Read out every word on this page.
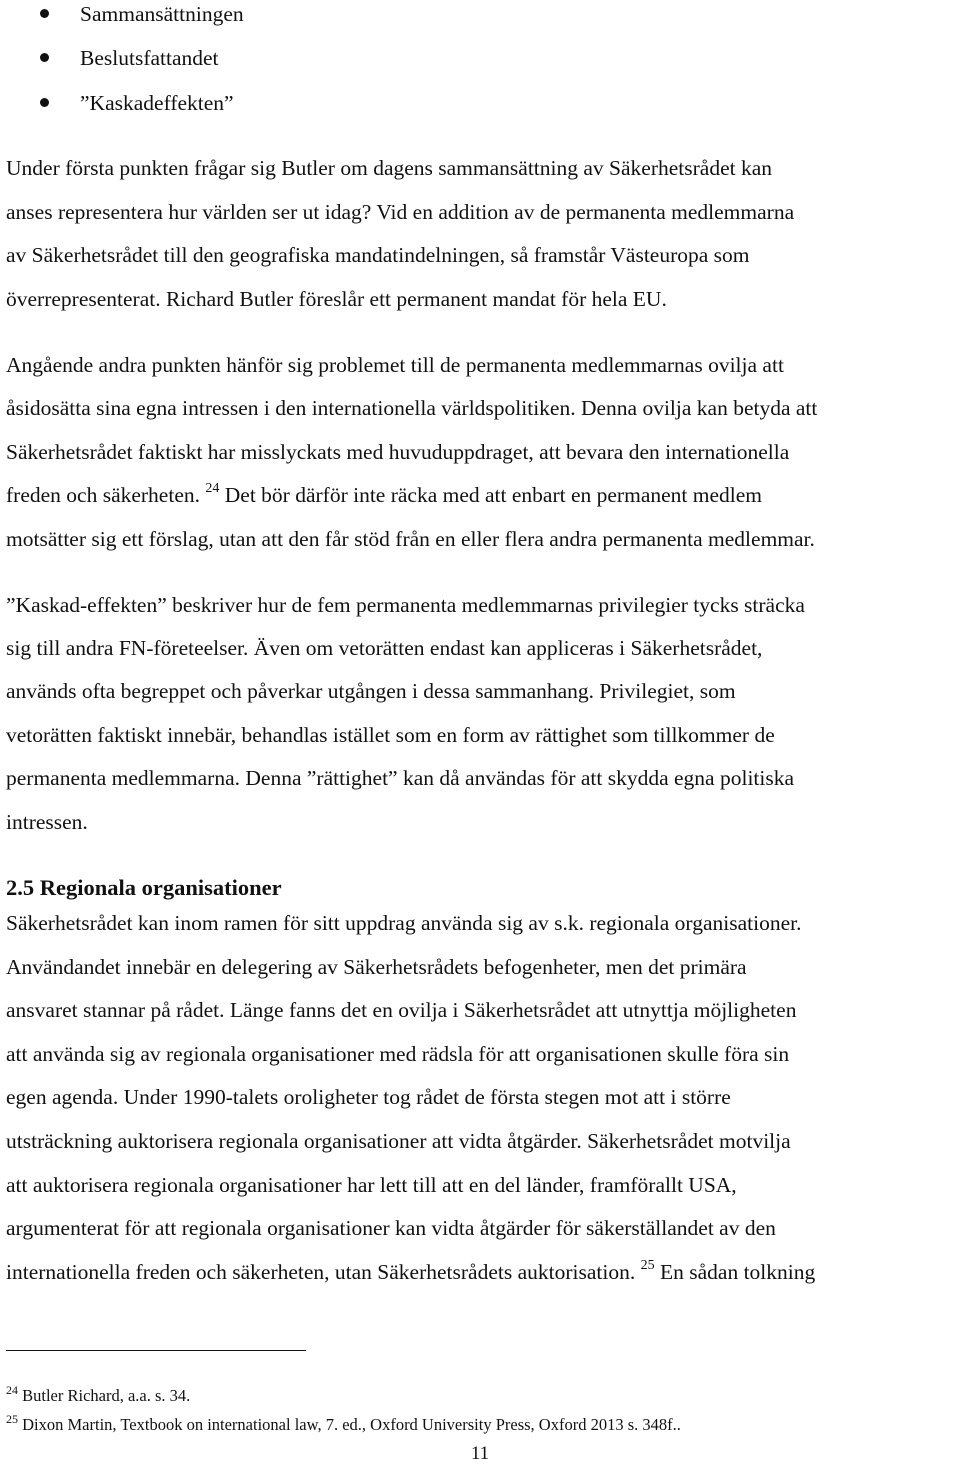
Sammansättningen
Beslutsfattandet
”Kaskadeffekten”
Under första punkten frågar sig Butler om dagens sammansättning av Säkerhetsrådet kan
anses representera hur världen ser ut idag? Vid en addition av de permanenta medlemmarna
av Säkerhetsrådet till den geografiska mandatindelningen, så framstår Västeuropa som
överrepresenterat. Richard Butler föreslår ett permanent mandat för hela EU.
Angående andra punkten hänför sig problemet till de permanenta medlemmarnas ovilja att
åsidosätta sina egna intressen i den internationella världspolitiken. Denna ovilja kan betyda att
Säkerhetsrådet faktiskt har misslyckats med huvuduppdraget, att bevara den internationella
freden och säkerheten. $^{24}$ Det bör därför inte räcka med att enbart en permanent medlem
motsätter sig ett förslag, utan att den får stöd från en eller flera andra permanenta medlemmar.
”Kaskad-effekten” beskriver hur de fem permanenta medlemmarnas privilegier tycks sträcka
sig till andra FN-företeelser. Även om vetorätten endast kan appliceras i Säkerhetsrådet,
används ofta begreppet och påverkar utgången i dessa sammanhang. Privilegiet, som
vetorätten faktiskt innebär, behandlas istället som en form av rättighet som tillkommer de
permanenta medlemmarna. Denna ”rättighet” kan då användas för att skydda egna politiska
intressen.
2.5 Regionala organisationer
Säkerhetsrådet kan inom ramen för sitt uppdrag använda sig av s.k. regionala organisationer.
Användandet innebär en delegering av Säkerhetsrådets befogenheter, men det primära
ansvaret stannar på rådet. Länge fanns det en ovilja i Säkerhetsrådet att utnyttja möjligheten
att använda sig av regionala organisationer med rädsla för att organisationen skulle föra sin
egen agenda. Under 1990-talets oroligheter tog rådet de första stegen mot att i större
utsträckning auktorisera regionala organisationer att vidta åtgärder. Säkerhetsrådet motvilja
att auktorisera regionala organisationer har lett till att en del länder, framförallt USA,
argumenterat för att regionala organisationer kan vidta åtgärder för säkerställandet av den
internationella freden och säkerheten, utan Säkerhetsrådets auktorisation. $^{25}$ En sådan tolkning
$^{24}$ Butler Richard, a.a. s. 34.
$^{25}$ Dixon Martin, Textbook on international law, 7. ed., Oxford University Press, Oxford 2013 s. 348f..
11
